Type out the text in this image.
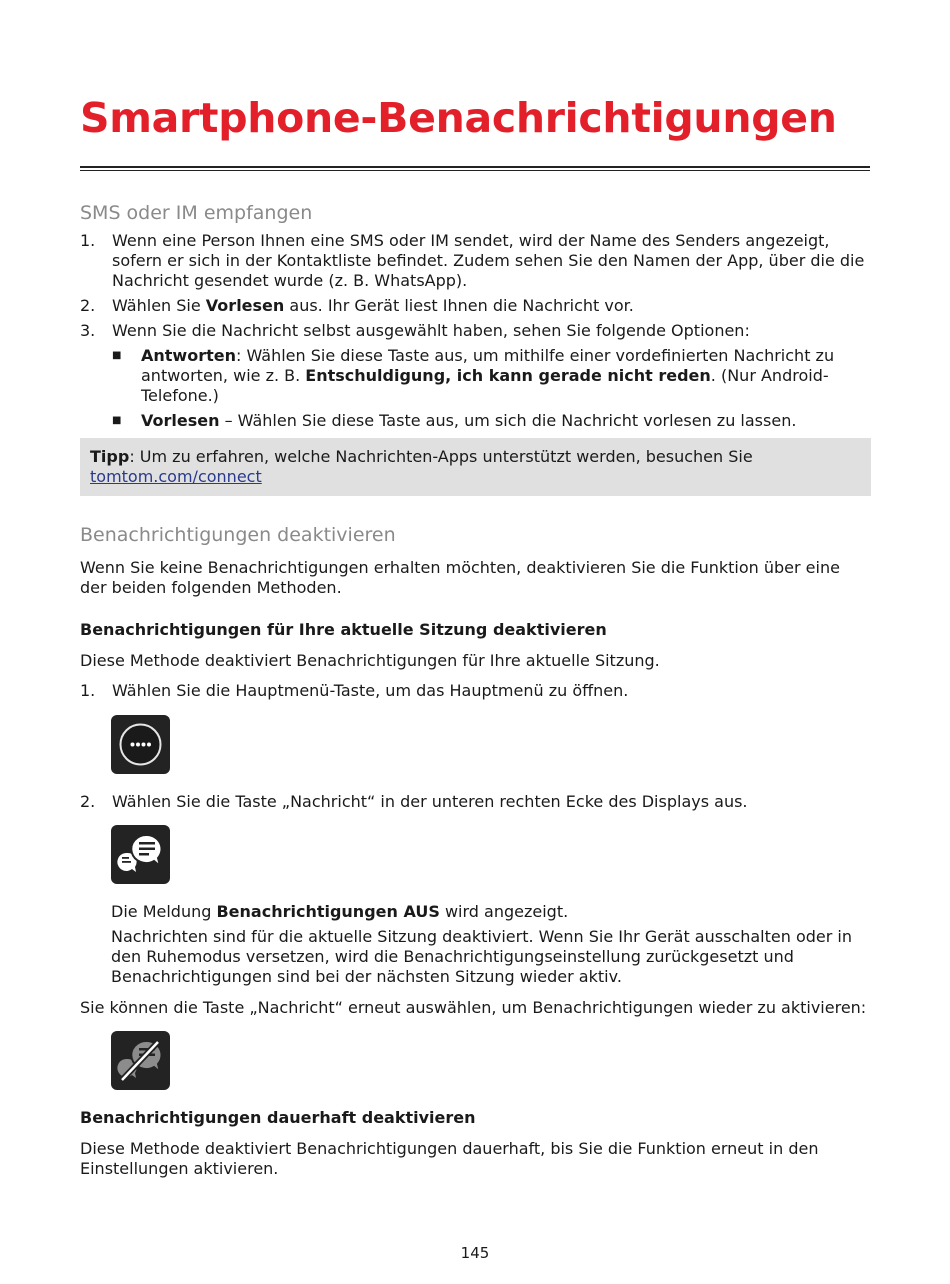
Smartphone-Benachrichtigungen
SMS oder IM empfangen
1. Wenn eine Person Ihnen eine SMS oder IM sendet, wird der Name des Senders angezeigt, sofern er sich in der Kontaktliste befindet. Zudem sehen Sie den Namen der App, über die die Nachricht gesendet wurde (z. B. WhatsApp).
2. Wählen Sie Vorlesen aus. Ihr Gerät liest Ihnen die Nachricht vor.
3. Wenn Sie die Nachricht selbst ausgewählt haben, sehen Sie folgende Optionen:
■ Antworten: Wählen Sie diese Taste aus, um mithilfe einer vordefinierten Nachricht zu antworten, wie z. B. Entschuldigung, ich kann gerade nicht reden. (Nur Android-Telefone.)
■ Vorlesen – Wählen Sie diese Taste aus, um sich die Nachricht vorlesen zu lassen.

Tipp: Um zu erfahren, welche Nachrichten-Apps unterstützt werden, besuchen Sie
tomtom.com/connect

Benachrichtigungen deaktivieren

Wenn Sie keine Benachrichtigungen erhalten möchten, deaktivieren Sie die Funktion über eine der beiden folgenden Methoden.

Benachrichtigungen für Ihre aktuelle Sitzung deaktivieren

Diese Methode deaktiviert Benachrichtigungen für Ihre aktuelle Sitzung.

1. Wählen Sie die Hauptmenü-Taste, um das Hauptmenü zu öffnen.
2. Wählen Sie die Taste „Nachricht“ in der unteren rechten Ecke des Displays aus.

Die Meldung Benachrichtigungen AUS wird angezeigt.

Nachrichten sind für die aktuelle Sitzung deaktiviert. Wenn Sie Ihr Gerät ausschalten oder in den Ruhemodus versetzen, wird die Benachrichtigungseinstellung zurückgesetzt und Benachrichtigungen sind bei der nächsten Sitzung wieder aktiv.

Sie können die Taste „Nachricht“ erneut auswählen, um Benachrichtigungen wieder zu aktivieren:

Benachrichtigungen dauerhaft deaktivieren

Diese Methode deaktiviert Benachrichtigungen dauerhaft, bis Sie die Funktion erneut in den Einstellungen aktivieren.

145
